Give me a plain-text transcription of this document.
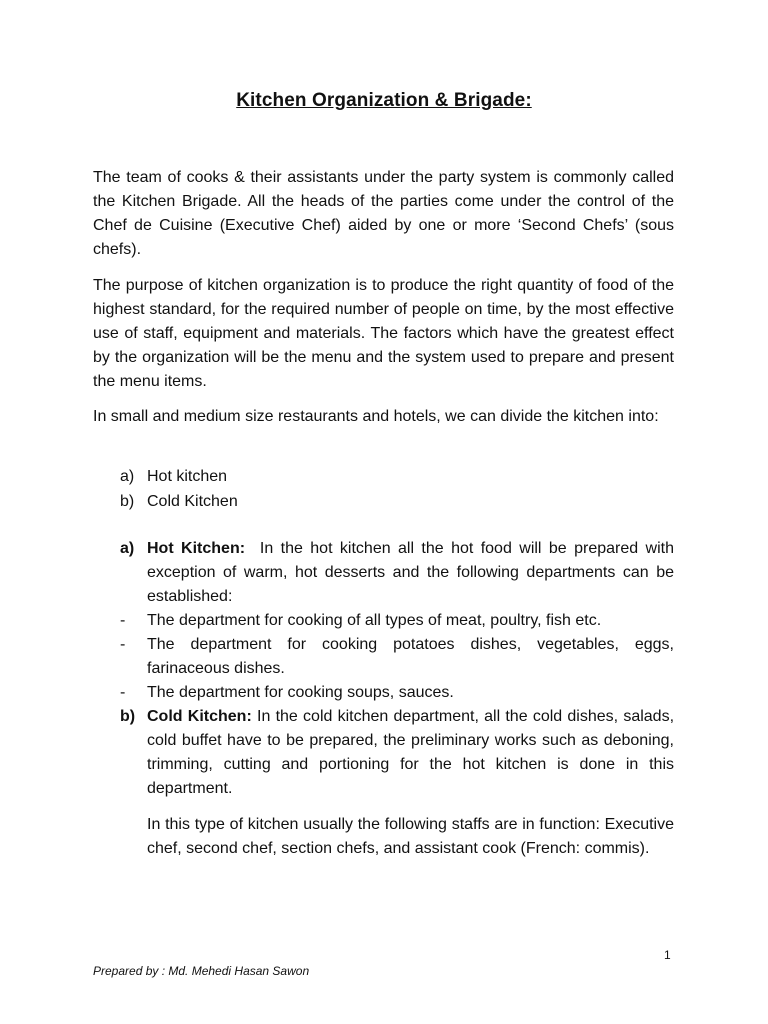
Kitchen Organization & Brigade:

The team of cooks & their assistants under the party system is commonly called the Kitchen Brigade. All the heads of the parties come under the control of the Chef de Cuisine (Executive Chef) aided by one or more ‘Second Chefs’ (sous chefs).

The purpose of kitchen organization is to produce the right quantity of food of the highest standard, for the required number of people on time, by the most effective use of staff, equipment and materials. The factors which have the greatest effect by the organization will be the menu and the system used to prepare and present the menu items.

In small and medium size restaurants and hotels, we can divide the kitchen into:

a) Hot kitchen
b) Cold Kitchen
a) Hot Kitchen: In the hot kitchen all the hot food will be prepared with exception of warm, hot desserts and the following departments can be established:
- The department for cooking of all types of meat, poultry, fish etc.
- The department for cooking potatoes dishes, vegetables, eggs, farinaceous dishes.
- The department for cooking soups, sauces.
b) Cold Kitchen: In the cold kitchen department, all the cold dishes, salads, cold buffet have to be prepared, the preliminary works such as deboning, trimming, cutting and portioning for the hot kitchen is done in this department.
In this type of kitchen usually the following staffs are in function: Executive chef, second chef, section chefs, and assistant cook (French: commis).
1
Prepared by : Md. Mehedi Hasan Sawon
